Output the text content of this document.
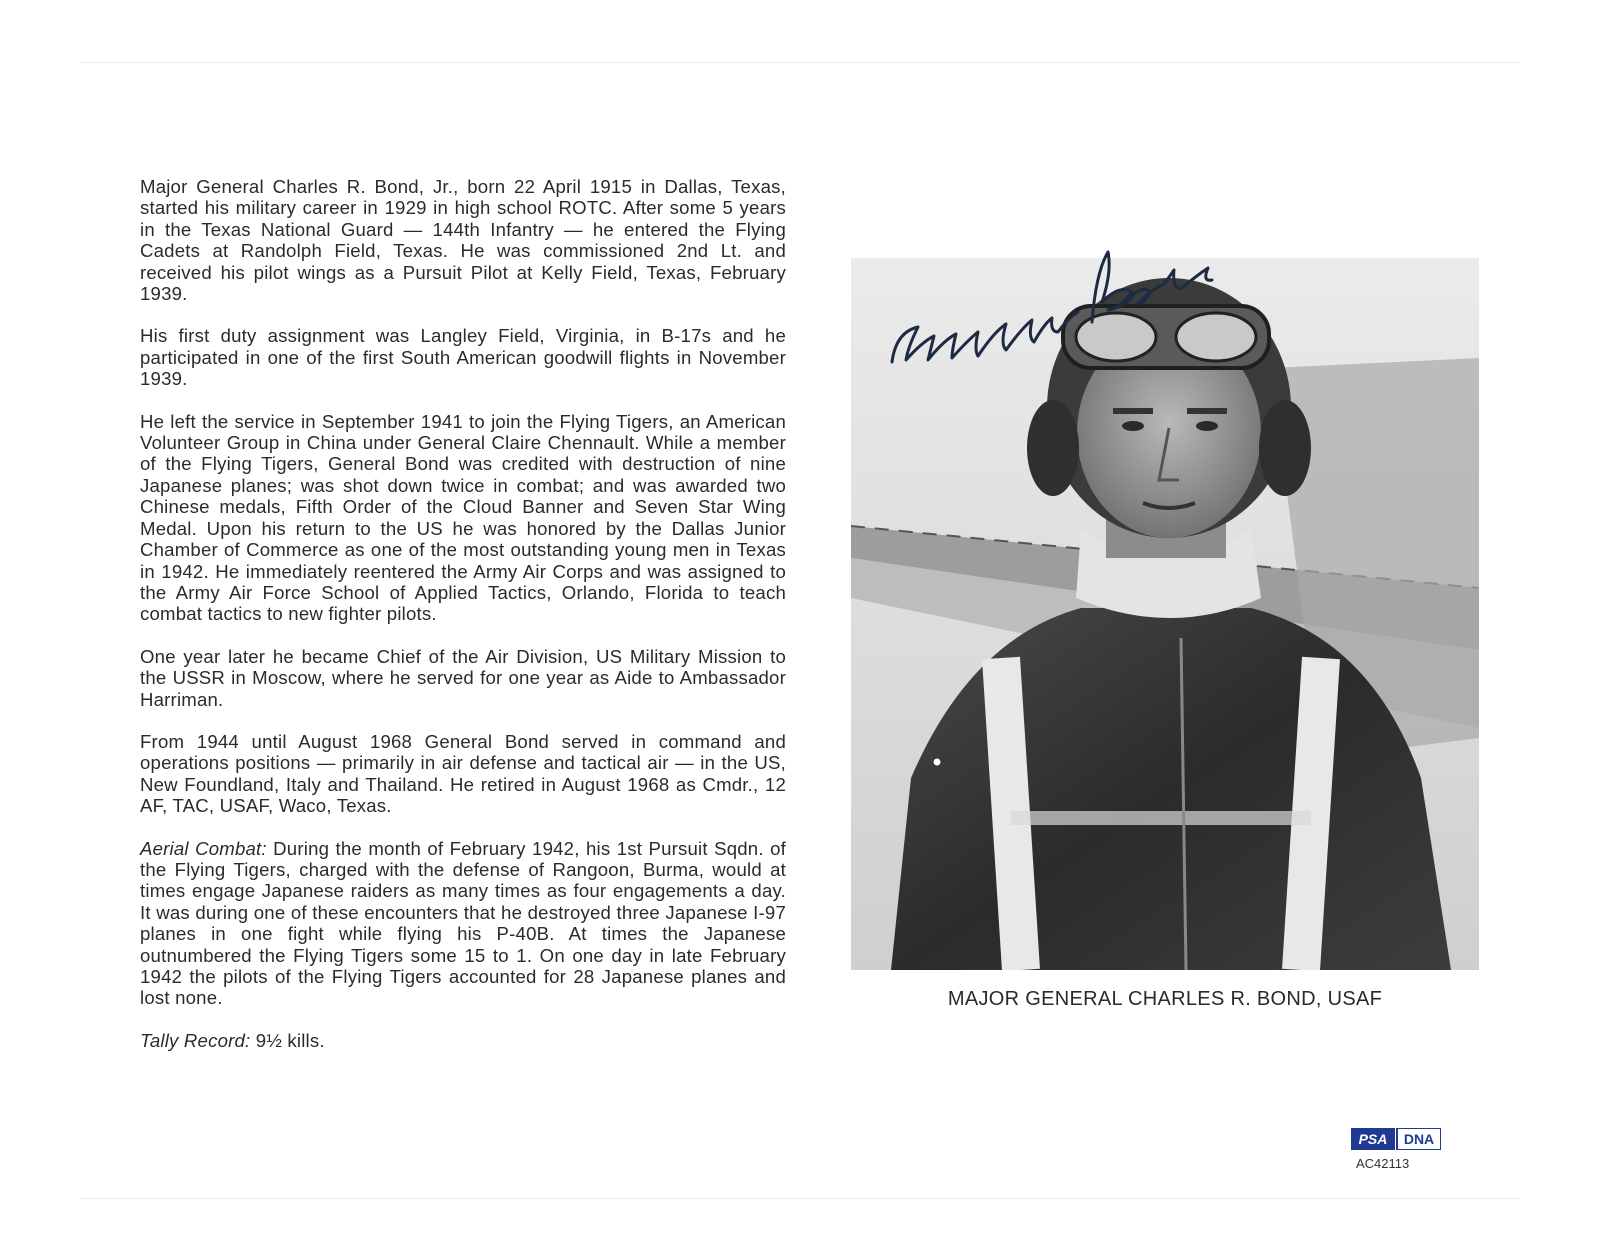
Major General Charles R. Bond, Jr., born 22 April 1915 in Dallas, Texas, started his military career in 1929 in high school ROTC. After some 5 years in the Texas National Guard — 144th Infantry — he entered the Flying Cadets at Randolph Field, Texas. He was commissioned 2nd Lt. and received his pilot wings as a Pursuit Pilot at Kelly Field, Texas, February 1939.

His first duty assignment was Langley Field, Virginia, in B-17s and he participated in one of the first South American goodwill flights in November 1939.

He left the service in September 1941 to join the Flying Tigers, an American Volunteer Group in China under General Claire Chennault. While a member of the Flying Tigers, General Bond was credited with destruction of nine Japanese planes; was shot down twice in combat; and was awarded two Chinese medals, Fifth Order of the Cloud Banner and Seven Star Wing Medal. Upon his return to the US he was honored by the Dallas Junior Chamber of Commerce as one of the most outstanding young men in Texas in 1942. He immediately reentered the Army Air Corps and was assigned to the Army Air Force School of Applied Tactics, Orlando, Florida to teach combat tactics to new fighter pilots.

One year later he became Chief of the Air Division, US Military Mission to the USSR in Moscow, where he served for one year as Aide to Ambassador Harriman.

From 1944 until August 1968 General Bond served in command and operations positions — primarily in air defense and tactical air — in the US, New Foundland, Italy and Thailand. He retired in August 1968 as Cmdr., 12 AF, TAC, USAF, Waco, Texas.

Aerial Combat: During the month of February 1942, his 1st Pursuit Sqdn. of the Flying Tigers, charged with the defense of Rangoon, Burma, would at times engage Japanese raiders as many times as four engagements a day. It was during one of these encounters that he destroyed three Japanese I-97 planes in one fight while flying his P-40B. At times the Japanese outnumbered the Flying Tigers some 15 to 1. On one day in late February 1942 the pilots of the Flying Tigers accounted for 28 Japanese planes and lost none.

Tally Record: 9½ kills.

MAJOR GENERAL CHARLES R. BOND, USAF
PSA DNA
AC42113
